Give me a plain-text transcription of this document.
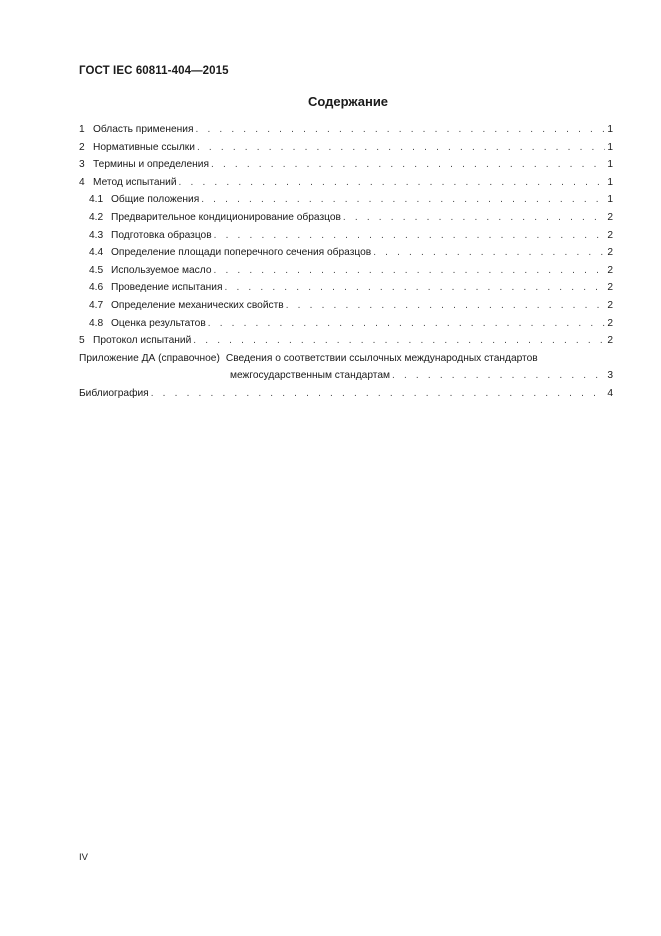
ГОСТ IEC 60811-404—2015
Содержание
1 Область применения . . .	1
2 Нормативные ссылки . . .	1
3 Термины и определения . . .	1
4 Метод испытаний . . .	1
4.1 Общие положения . . .	1
4.2 Предварительное кондиционирование образцов . . .	2
4.3 Подготовка образцов . . .	2
4.4 Определение площади поперечного сечения образцов . . .	2
4.5 Используемое масло . . .	2
4.6 Проведение испытания . . .	2
4.7 Определение механических свойств . . .	2
4.8 Оценка результатов . . .	2
5 Протокол испытаний . . .	2
Приложение ДА (справочное) Сведения о соответствии ссылочных международных стандартов
межгосударственным стандартам . . .	3
Библиография . . .	4
IV
